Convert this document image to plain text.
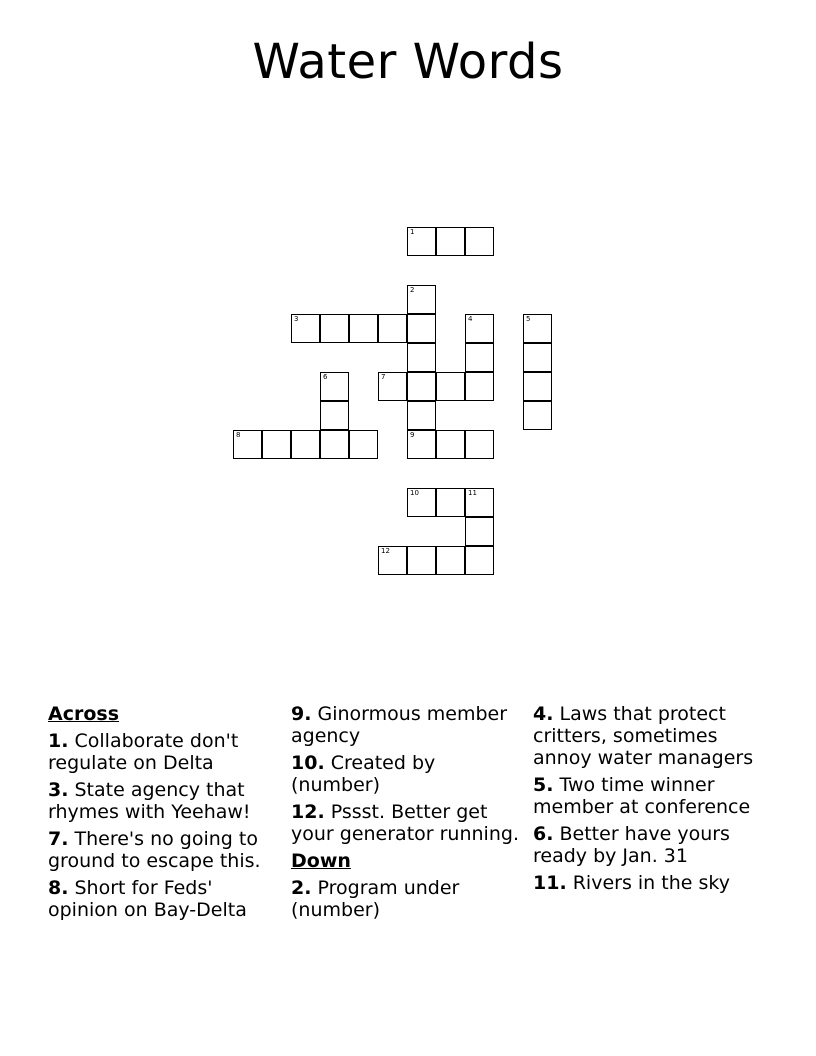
Water Words
1
2
3	4	5
6	7
8	9
10	11
12
Across
1. Collaborate don't regulate on Delta
3. State agency that rhymes with Yeehaw!
7. There's no going to ground to escape this.
8. Short for Feds' opinion on Bay-Delta
9. Ginormous member agency
10. Created by (number)
12. Pssst. Better get your generator running.
Down
2. Program under (number)
4. Laws that protect critters, sometimes annoy water managers
5. Two time winner member at conference
6. Better have yours ready by Jan. 31
11. Rivers in the sky
